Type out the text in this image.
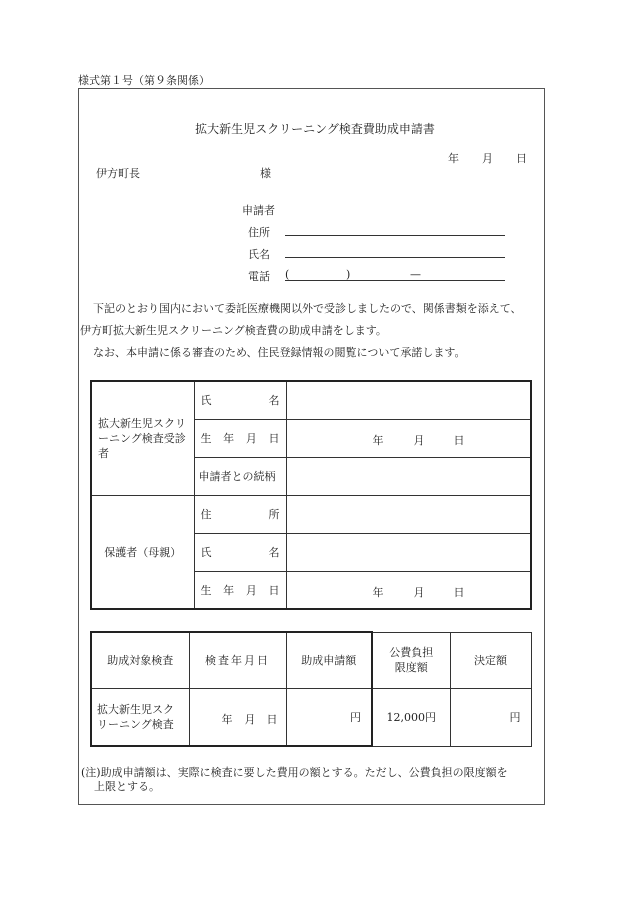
様式第１号（第９条関係）
拡大新生児スクリーニング検査費助成申請書
年 月 日
伊方町長	様
申請者
住所
氏名
電話 (	)	—
下記のとおり国内において委託医療機関以外で受診しましたので、関係書類を添えて、
伊方町拡大新生児スクリーニング検査費の助成申請をします。
なお、本申請に係る審査のため、住民登録情報の閲覧について承諾します。
拡大新生児スクリーニング検査受診者	氏 名	

	生 年 月 日	年 月 日

	申請者との続柄	
保護者（母親）	住 所	

	氏 名	

	生 年 月 日	年 月 日
助成対象検査	検査年月日	助成申請額	公費負担限度額	決定額
拡大新生児スクリーニング検査	年 月 日	円	12,000円	円
(注)助成申請額は、実際に検査に要した費用の額とする。ただし、公費負担の限度額を
上限とする。
